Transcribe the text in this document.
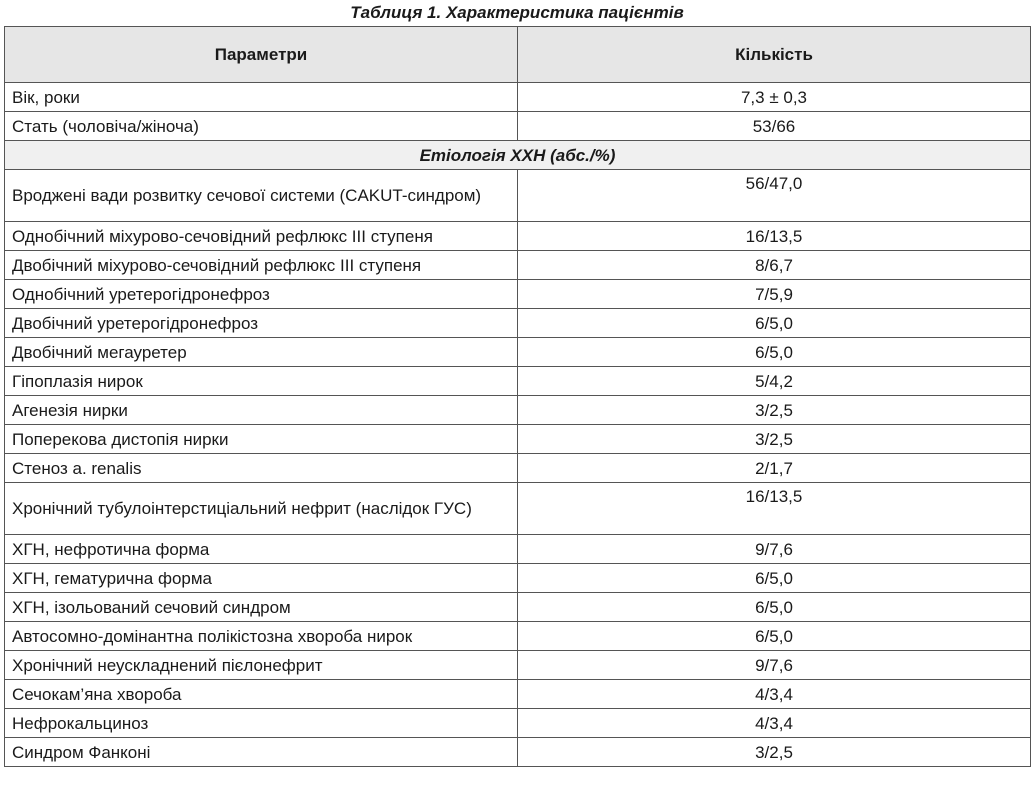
Таблиця 1. Характеристика пацієнтів
Параметри	Кількість
Вік, роки	7,3 ± 0,3
Стать (чоловіча/жіноча)	53/66
Етіологія ХХН (абс./%)	
Вроджені вади розвитку сечової системи (CAKUT-синдром)	56/47,0
Однобічний міхурово-сечовідний рефлюкс ІІІ ступеня	16/13,5
Двобічний міхурово-сечовідний рефлюкс ІІІ ступеня	8/6,7
Однобічний уретерогідронефроз	7/5,9
Двобічний уретерогідронефроз	6/5,0
Двобічний мегауретер	6/5,0
Гіпоплазія нирок	5/4,2
Агенезія нирки	3/2,5
Поперекова дистопія нирки	3/2,5
Стеноз a. renalis	2/1,7
Хронічний тубулоінтерстиціальний нефрит (наслідок ГУС)	16/13,5
ХГН, нефротична форма	9/7,6
ХГН, гематурична форма	6/5,0
ХГН, ізольований сечовий синдром	6/5,0
Автосомно-домінантна полікістозна хвороба нирок	6/5,0
Хронічний неускладнений пієлонефрит	9/7,6
Сечокам’яна хвороба	4/3,4
Нефрокальциноз	4/3,4
Синдром Фанконі	3/2,5
